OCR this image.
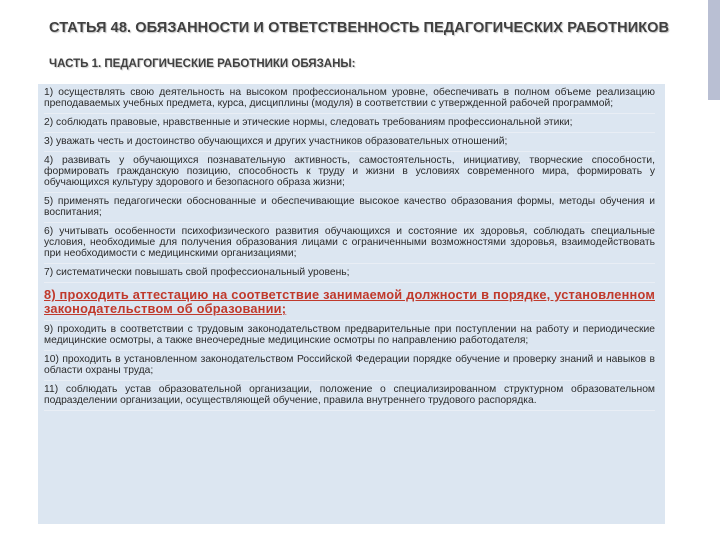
СТАТЬЯ 48. ОБЯЗАННОСТИ И ОТВЕТСТВЕННОСТЬ ПЕДАГОГИЧЕСКИХ РАБОТНИКОВ
ЧАСТЬ 1. ПЕДАГОГИЧЕСКИЕ РАБОТНИКИ ОБЯЗАНЫ:
1) осуществлять свою деятельность на высоком профессиональном уровне, обеспечивать в полном объеме реализацию преподаваемых учебных предмета, курса, дисциплины (модуля) в соответствии с утвержденной рабочей программой;
2) соблюдать правовые, нравственные и этические нормы, следовать требованиям профессиональной этики;
3) уважать честь и достоинство обучающихся и других участников образовательных отношений;
4) развивать у обучающихся познавательную активность, самостоятельность, инициативу, творческие способности, формировать гражданскую позицию, способность к труду и жизни в условиях современного мира, формировать у обучающихся культуру здорового и безопасного образа жизни;
5) применять педагогически обоснованные и обеспечивающие высокое качество образования формы, методы обучения и воспитания;
6) учитывать особенности психофизического развития обучающихся и состояние их здоровья, соблюдать специальные условия, необходимые для получения образования лицами с ограниченными возможностями здоровья, взаимодействовать при необходимости с медицинскими организациями;
7) систематически повышать свой профессиональный уровень;
8) проходить аттестацию на соответствие занимаемой должности в порядке, установленном законодательством об образовании;
9) проходить в соответствии с трудовым законодательством предварительные при поступлении на работу и периодические медицинские осмотры, а также внеочередные медицинские осмотры по направлению работодателя;
10) проходить в установленном законодательством Российской Федерации порядке обучение и проверку знаний и навыков в области охраны труда;
11) соблюдать устав образовательной организации, положение о специализированном структурном образовательном подразделении организации, осуществляющей обучение, правила внутреннего трудового распорядка.
